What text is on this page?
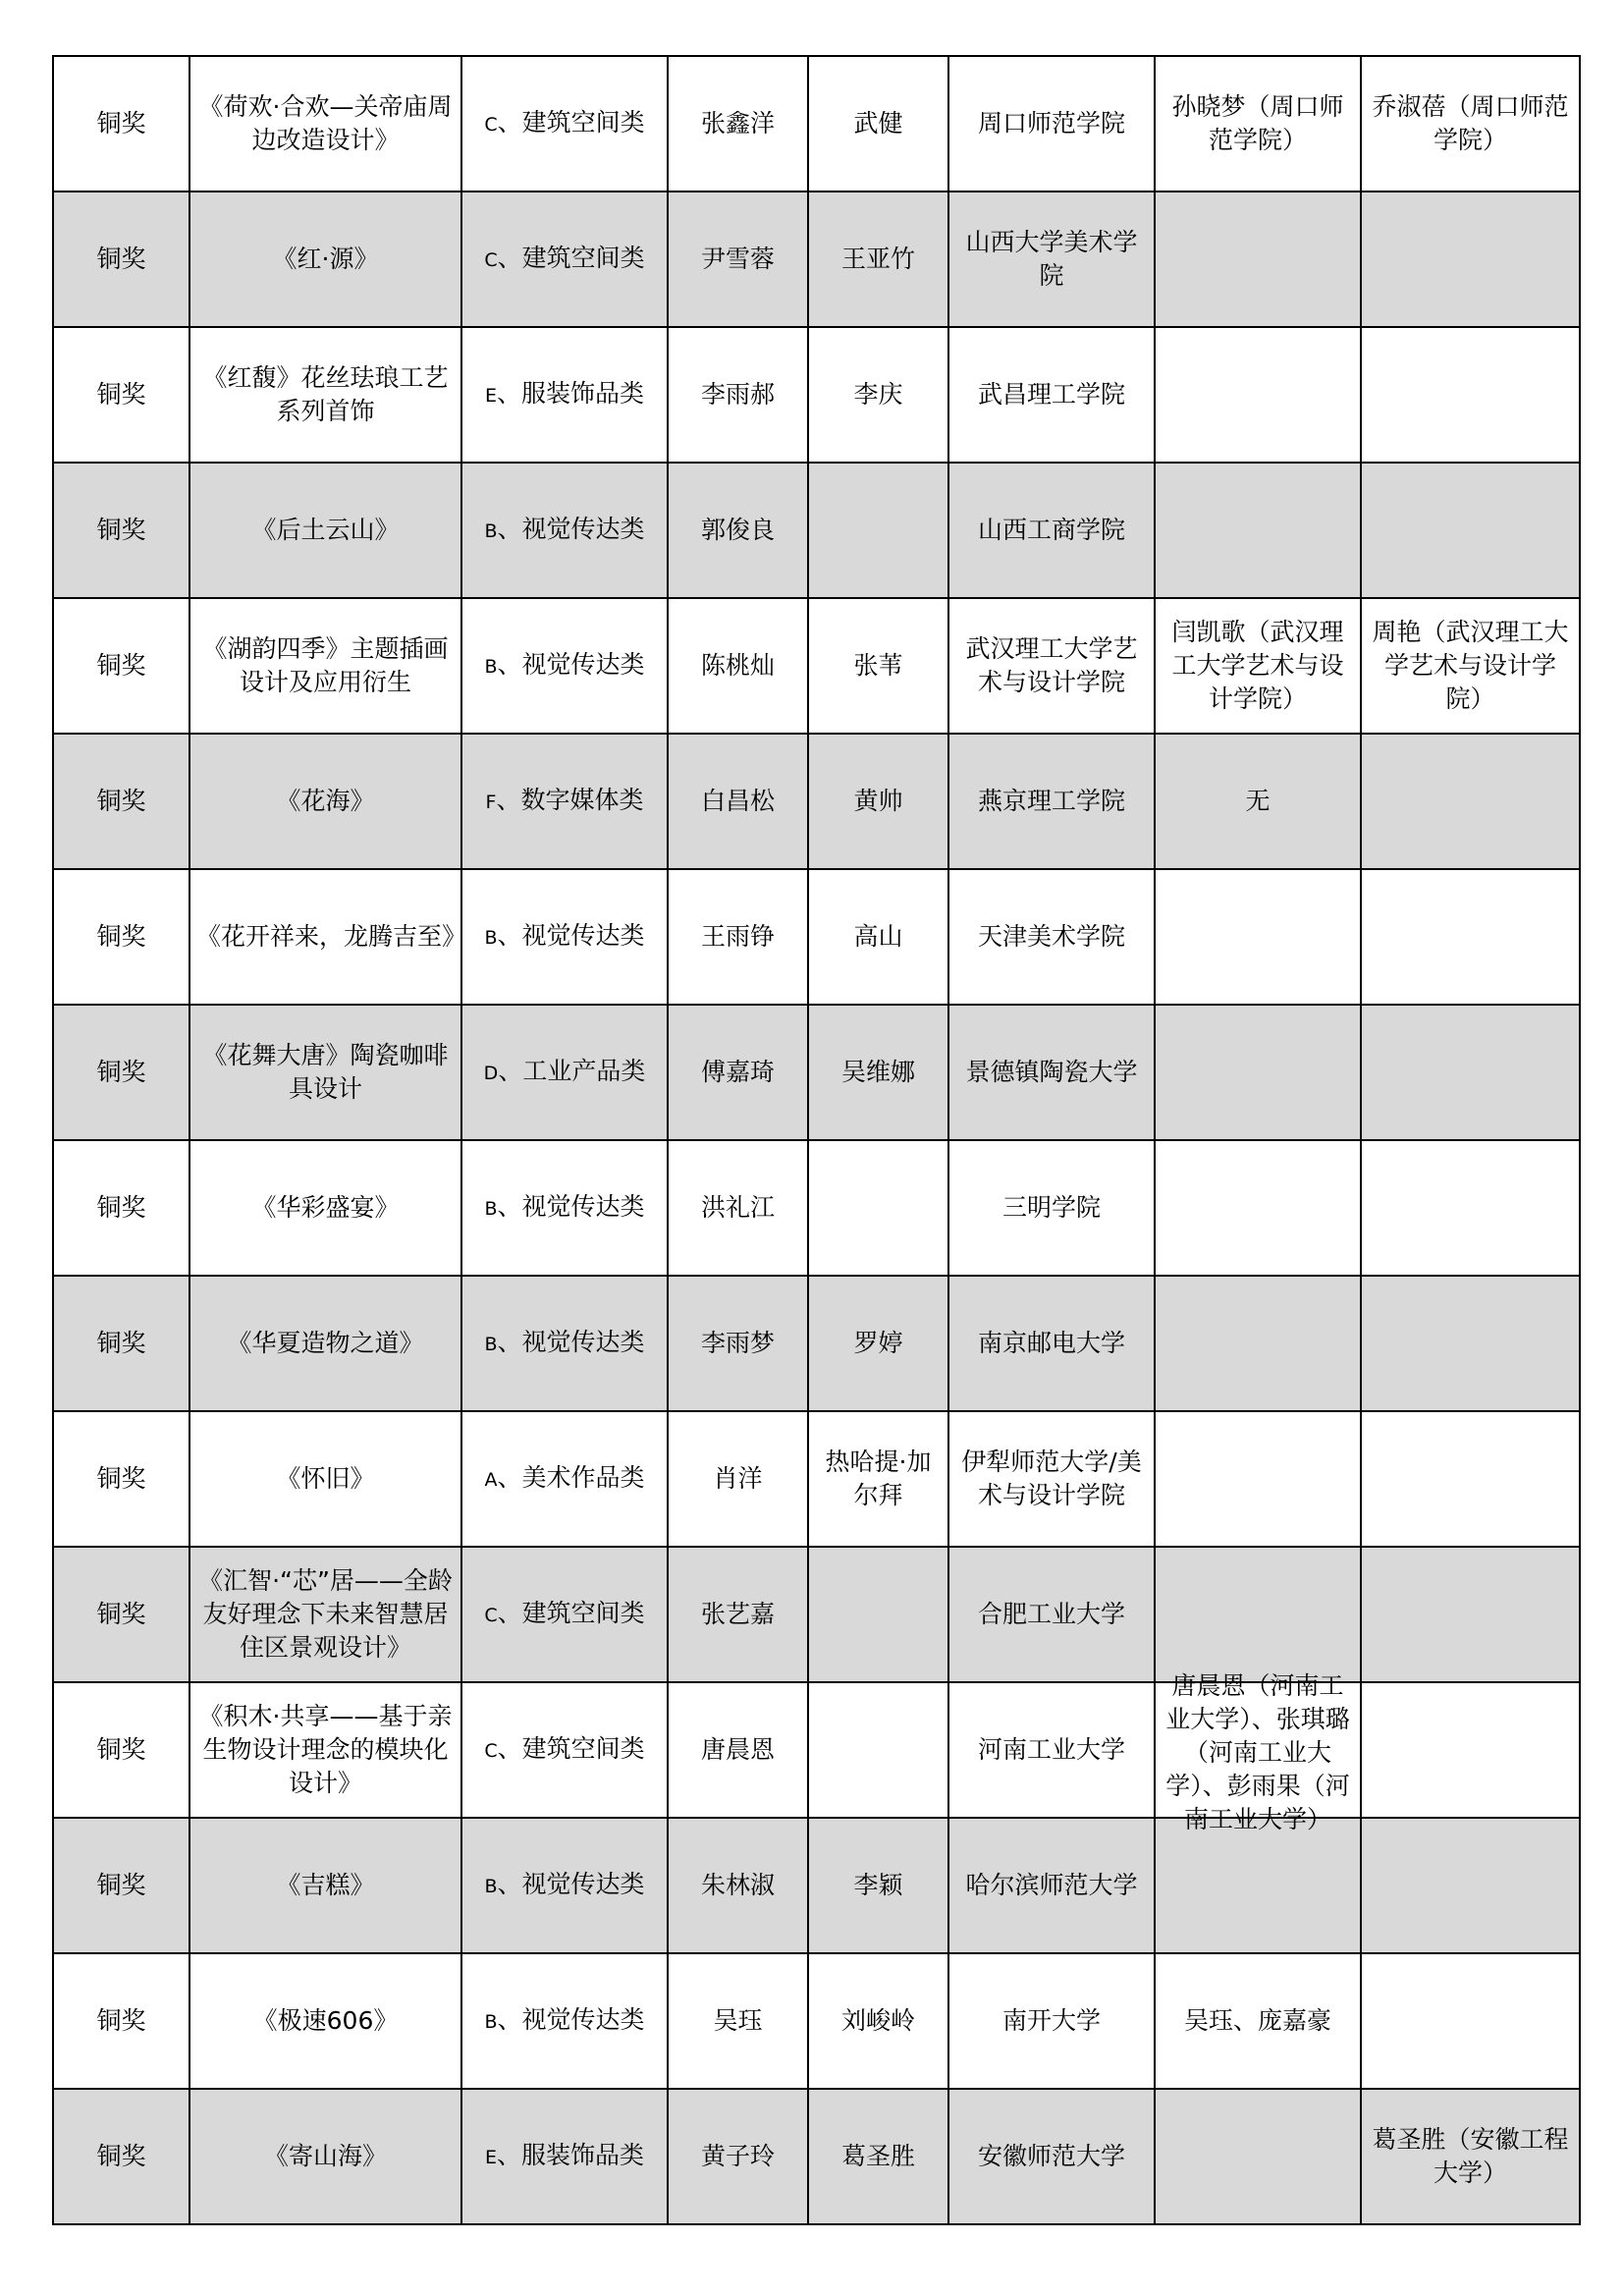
铜奖	《荷欢·合欢—关帝庙周边改造设计》	C、建筑空间类	张鑫洋	武健	周口师范学院	孙晓梦（周口师范学院）	乔淑蓓（周口师范学院）

铜奖	《红·源》	C、建筑空间类	尹雪蓉	王亚竹	山西大学美术学院	

铜奖	《红馥》花丝珐琅工艺系列首饰	E、服装饰品类	李雨郝	李庆	武昌理工学院	

铜奖	《后土云山》	B、视觉传达类	郭俊良		山西工商学院	

铜奖	《湖韵四季》主题插画设计及应用衍生	B、视觉传达类	陈桃灿	张苇	武汉理工大学艺术与设计学院	闫凯歌（武汉理工大学艺术与设计学院）	周艳（武汉理工大学艺术与设计学院）

铜奖	《花海》	F、数字媒体类	白昌松	黄帅	燕京理工学院	无	

铜奖	《花开祥来，龙腾吉至》	B、视觉传达类	王雨铮	高山	天津美术学院	

铜奖	《花舞大唐》陶瓷咖啡具设计	D、工业产品类	傅嘉琦	吴维娜	景德镇陶瓷大学	

铜奖	《华彩盛宴》	B、视觉传达类	洪礼江		三明学院	

铜奖	《华夏造物之道》	B、视觉传达类	李雨梦	罗婷	南京邮电大学	

铜奖	《怀旧》	A、美术作品类	肖洋	热哈提·加尔拜	伊犁师范大学/美术与设计学院	

铜奖	《汇智·“芯”居——全龄友好理念下未来智慧居住区景观设计》	C、建筑空间类	张艺嘉		合肥工业大学	

铜奖	《积木·共享——基于亲生物设计理念的模块化设计》	C、建筑空间类	唐晨恩		河南工业大学	唐晨恩（河南工业大学）、张琪璐（河南工业大学）、彭雨果（河南工业大学）	

铜奖	《吉糕》	B、视觉传达类	朱林淑	李颖	哈尔滨师范大学	

铜奖	《极速606》	B、视觉传达类	吴珏	刘峻岭	南开大学	吴珏、庞嘉豪	

铜奖	《寄山海》	E、服装饰品类	黄子玲	葛圣胜	安徽师范大学		葛圣胜（安徽工程大学）
